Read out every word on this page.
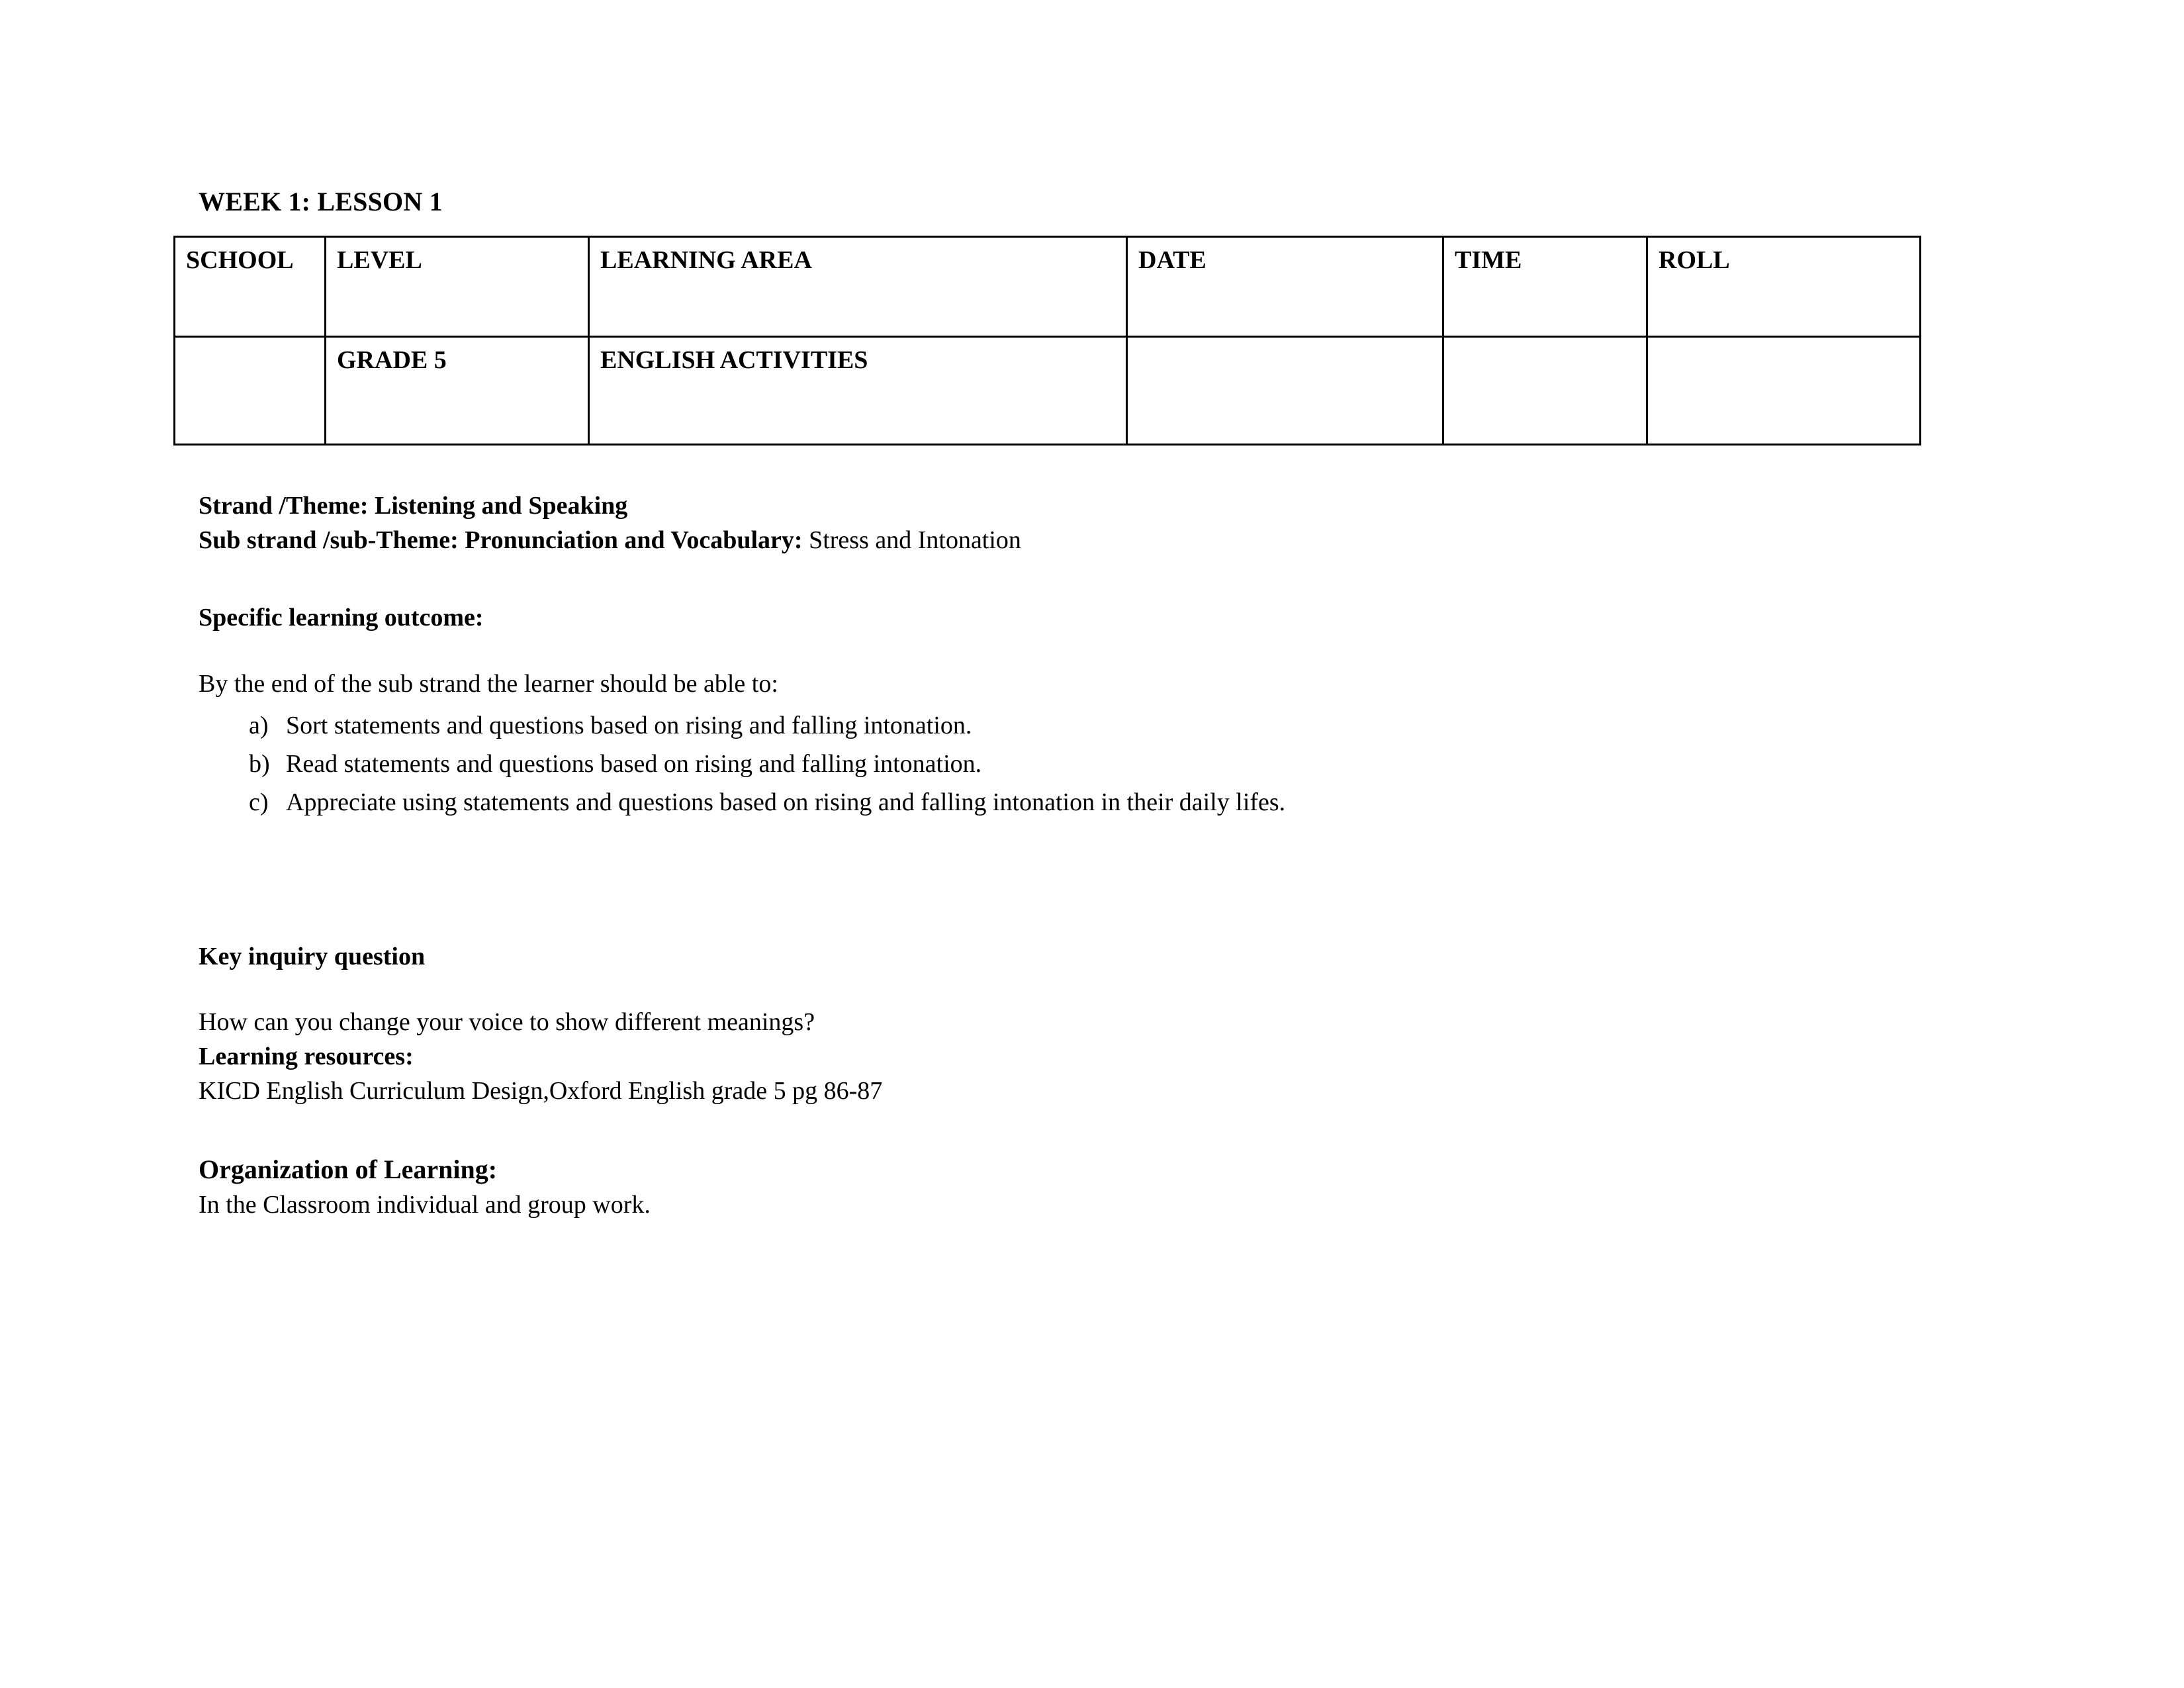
WEEK 1: LESSON 1
SCHOOL	LEVEL	LEARNING AREA	DATE	TIME	ROLL
	GRADE 5	ENGLISH ACTIVITIES			

Strand /Theme: Listening and Speaking

Sub strand /sub-Theme: Pronunciation and Vocabulary: Stress and Intonation

Specific learning outcome:

By the end of the sub strand the learner should be able to:

a) Sort statements and questions based on rising and falling intonation.
b) Read statements and questions based on rising and falling intonation.
c) Appreciate using statements and questions based on rising and falling intonation in their daily lifes.

Key inquiry question

How can you change your voice to show different meanings?

Learning resources:

KICD English Curriculum Design,Oxford English grade 5 pg 86-87

Organization of Learning:

In the Classroom individual and group work.
